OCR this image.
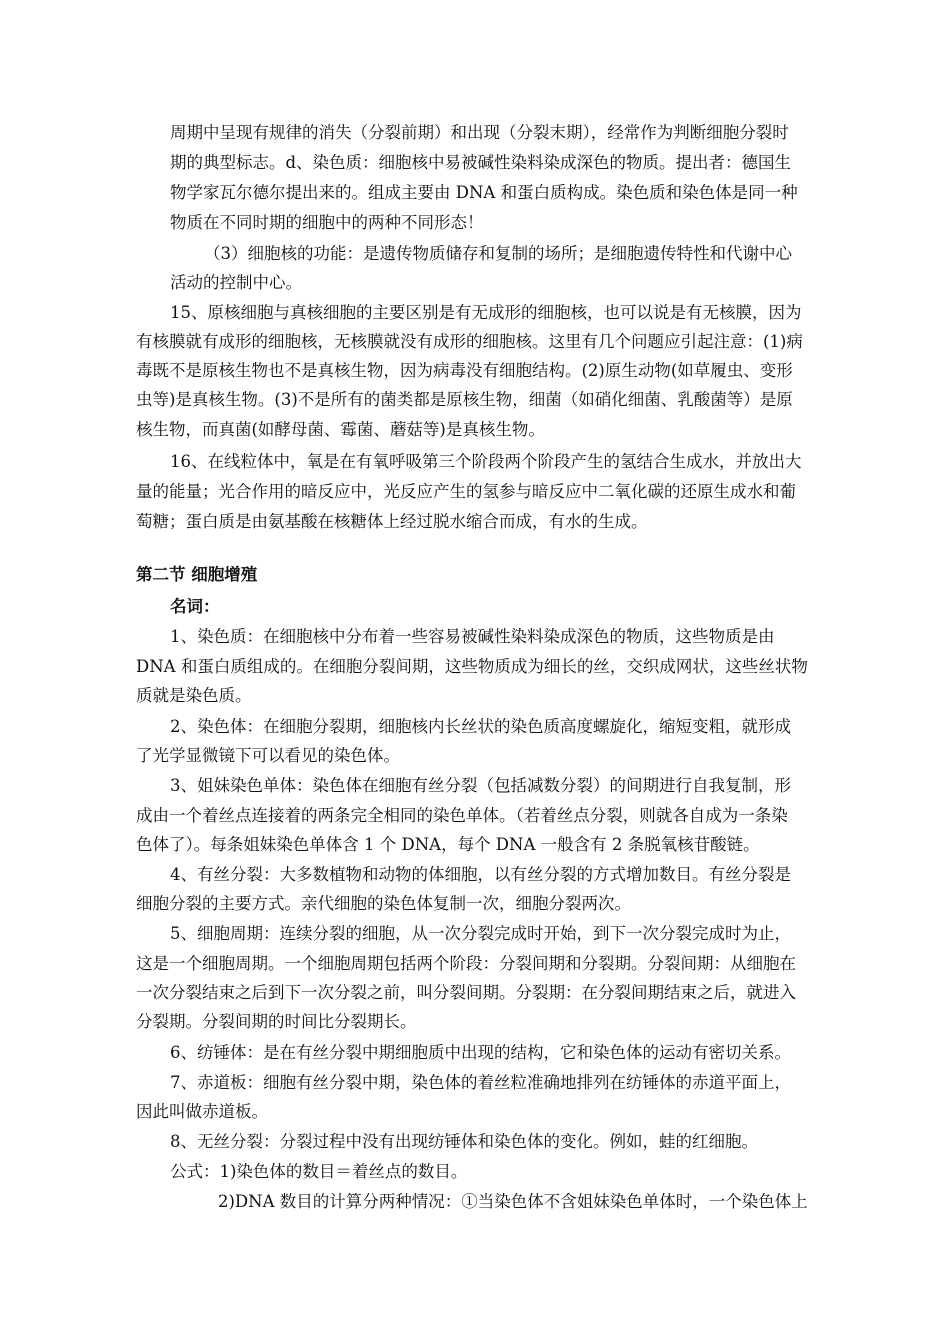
周期中呈现有规律的消失（分裂前期）和出现（分裂末期），经常作为判断细胞分裂时

期的典型标志。d、染色质：细胞核中易被碱性染料染成深色的物质。提出者：德国生

物学家瓦尔德尔提出来的。组成主要由 DNA 和蛋白质构成。染色质和染色体是同一种

物质在不同时期的细胞中的两种不同形态！

（3）细胞核的功能：是遗传物质储存和复制的场所；是细胞遗传特性和代谢中心

活动的控制中心。

15、原核细胞与真核细胞的主要区别是有无成形的细胞核，也可以说是有无核膜，因为

有核膜就有成形的细胞核，无核膜就没有成形的细胞核。这里有几个问题应引起注意：(1)病

毒既不是原核生物也不是真核生物，因为病毒没有细胞结构。(2)原生动物(如草履虫、变形

虫等)是真核生物。(3)不是所有的菌类都是原核生物，细菌（如硝化细菌、乳酸菌等）是原

核生物，而真菌(如酵母菌、霉菌、蘑菇等)是真核生物。

16、在线粒体中，氧是在有氧呼吸第三个阶段两个阶段产生的氢结合生成水，并放出大

量的能量；光合作用的暗反应中，光反应产生的氢参与暗反应中二氧化碳的还原生成水和葡

萄糖；蛋白质是由氨基酸在核糖体上经过脱水缩合而成，有水的生成。

第二节 细胞增殖

名词：

1、染色质：在细胞核中分布着一些容易被碱性染料染成深色的物质，这些物质是由

DNA 和蛋白质组成的。在细胞分裂间期，这些物质成为细长的丝，交织成网状，这些丝状物

质就是染色质。

2、染色体：在细胞分裂期，细胞核内长丝状的染色质高度螺旋化，缩短变粗，就形成

了光学显微镜下可以看见的染色体。

3、姐妹染色单体：染色体在细胞有丝分裂（包括减数分裂）的间期进行自我复制，形

成由一个着丝点连接着的两条完全相同的染色单体。（若着丝点分裂，则就各自成为一条染

色体了）。每条姐妹染色单体含 1 个 DNA，每个 DNA 一般含有 2 条脱氧核苷酸链。

4、有丝分裂：大多数植物和动物的体细胞，以有丝分裂的方式增加数目。有丝分裂是

细胞分裂的主要方式。亲代细胞的染色体复制一次，细胞分裂两次。

5、细胞周期：连续分裂的细胞，从一次分裂完成时开始，到下一次分裂完成时为止，

这是一个细胞周期。一个细胞周期包括两个阶段：分裂间期和分裂期。分裂间期：从细胞在

一次分裂结束之后到下一次分裂之前，叫分裂间期。分裂期：在分裂间期结束之后，就进入

分裂期。分裂间期的时间比分裂期长。

6、纺锤体：是在有丝分裂中期细胞质中出现的结构，它和染色体的运动有密切关系。

7、赤道板：细胞有丝分裂中期，染色体的着丝粒准确地排列在纺锤体的赤道平面上，

因此叫做赤道板。

8、无丝分裂：分裂过程中没有出现纺锤体和染色体的变化。例如，蛙的红细胞。

公式：1)染色体的数目＝着丝点的数目。

2)DNA 数目的计算分两种情况：①当染色体不含姐妹染色单体时，一个染色体上
